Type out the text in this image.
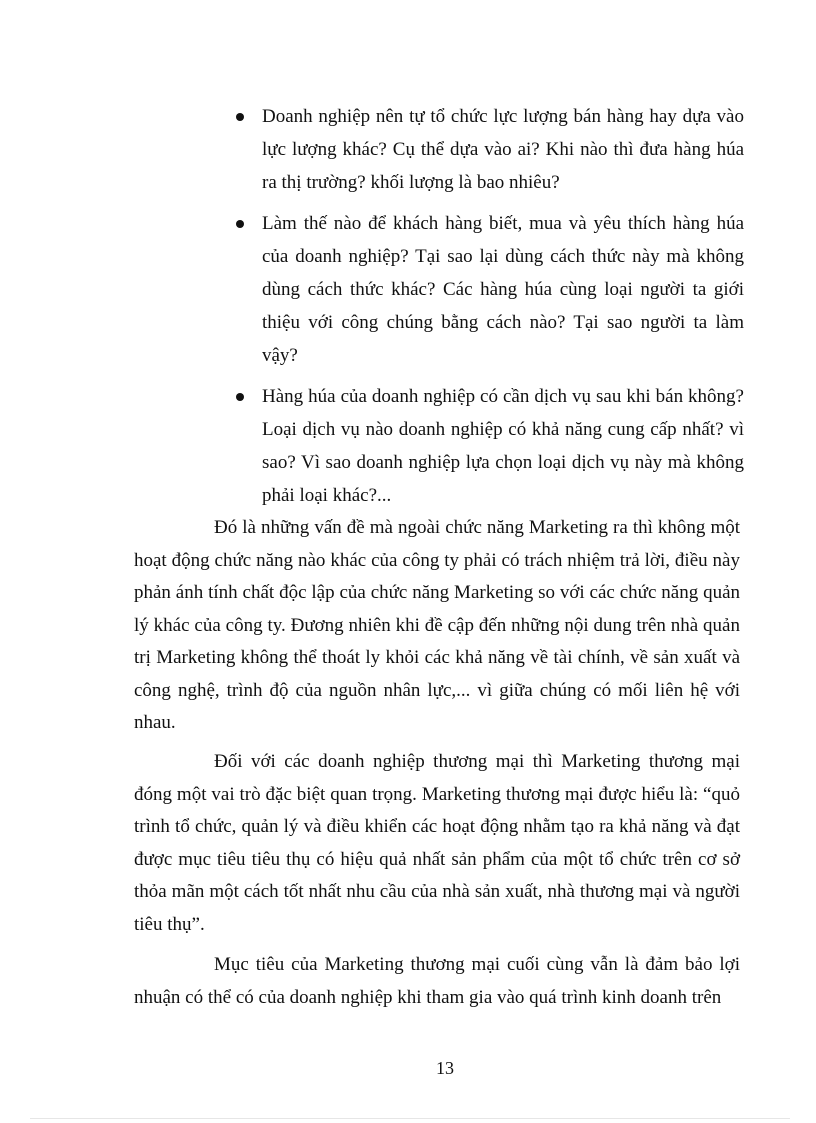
Doanh nghiệp nên tự tổ chức lực lượng bán hàng hay dựa vào lực lượng khác? Cụ thể dựa vào ai? Khi nào thì đưa hàng húa ra thị trường? khối lượng là bao nhiêu?
Làm thế nào để khách hàng biết, mua và yêu thích hàng húa của doanh nghiệp? Tại sao lại dùng cách thức này mà không dùng cách thức khác? Các hàng húa cùng loại người ta giới thiệu với công chúng bằng cách nào? Tại sao người ta làm vậy?
Hàng húa của doanh nghiệp có cần dịch vụ sau khi bán không? Loại dịch vụ nào doanh nghiệp có khả năng cung cấp nhất? vì sao? Vì sao doanh nghiệp lựa chọn loại dịch vụ này mà không phải loại khác?...

Đó là những vấn đề mà ngoài chức năng Marketing ra thì không một hoạt động chức năng nào khác của công ty phải có trách nhiệm trả lời, điều này phản ánh tính chất độc lập của chức năng Marketing so với các chức năng quản lý khác của công ty. Đương nhiên khi đề cập đến những nội dung trên nhà quản trị Marketing không thể thoát ly khỏi các khả năng về tài chính, về sản xuất và công nghệ, trình độ của nguồn nhân lực,... vì giữa chúng có mối liên hệ với nhau.

Đối với các doanh nghiệp thương mại thì Marketing thương mại đóng một vai trò đặc biệt quan trọng. Marketing thương mại được hiểu là: “quỏ trình tổ chức, quản lý và điều khiển các hoạt động nhằm tạo ra khả năng và đạt được mục tiêu tiêu thụ có hiệu quả nhất sản phẩm của một tổ chức trên cơ sở thỏa mãn một cách tốt nhất nhu cầu của nhà sản xuất, nhà thương mại và người tiêu thụ”.

Mục tiêu của Marketing thương mại cuối cùng vẫn là đảm bảo lợi nhuận có thể có của doanh nghiệp khi tham gia vào quá trình kinh doanh trên

13
